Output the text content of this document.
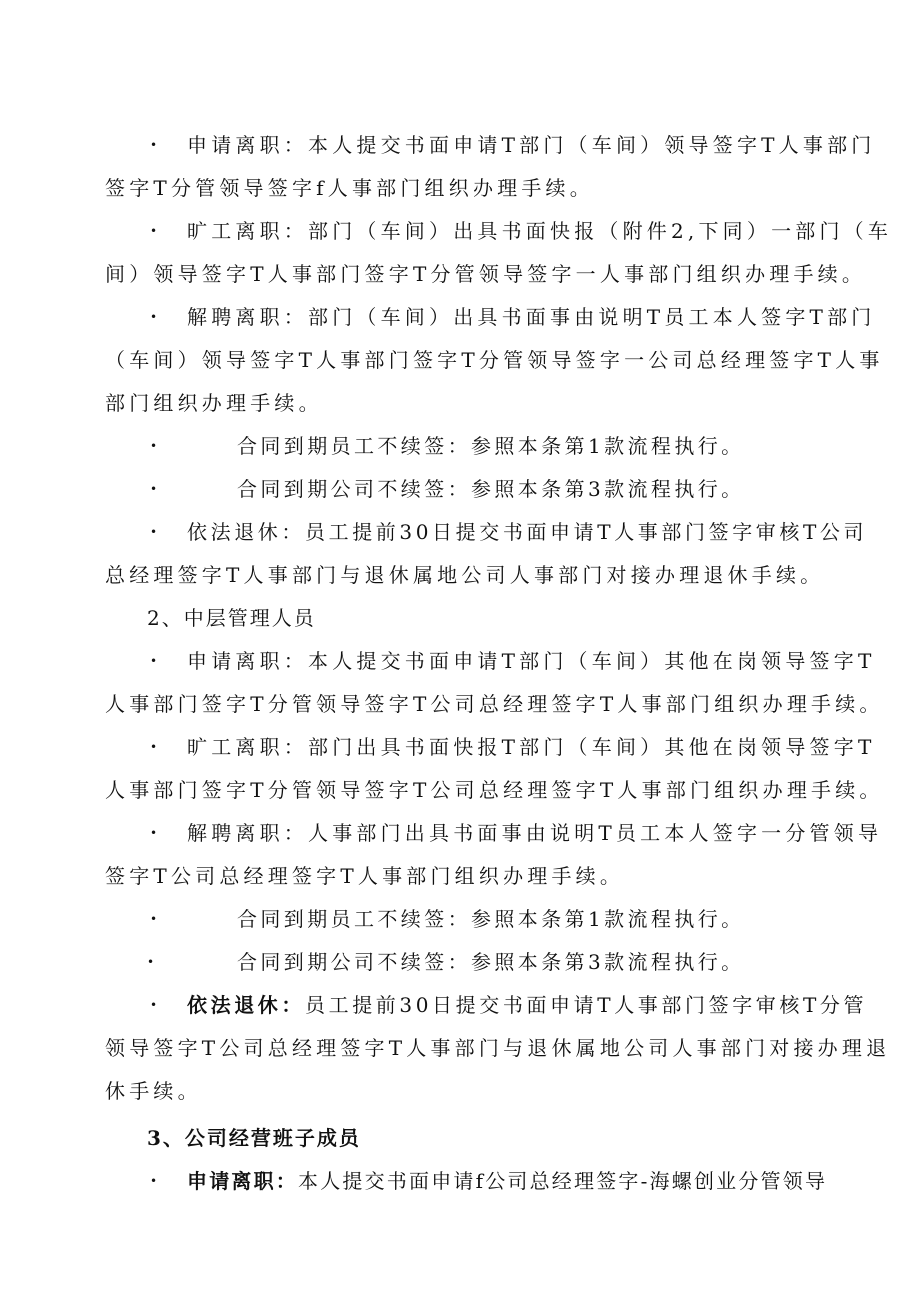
• 申请离职：本人提交书面申请T部门（车间）领导签字T人事部门
签字T分管领导签字f人事部门组织办理手续。
• 旷工离职：部门（车间）出具书面快报（附件2,下同）一部门（车
间）领导签字T人事部门签字T分管领导签字一人事部门组织办理手续。
• 解聘离职：部门（车间）出具书面事由说明T员工本人签字T部门
（车间）领导签字T人事部门签字T分管领导签字一公司总经理签字T人事
部门组织办理手续。
•	合同到期员工不续签：参照本条第1款流程执行。
•	合同到期公司不续签：参照本条第3款流程执行。
• 依法退休：员工提前30日提交书面申请T人事部门签字审核T公司
总经理签字T人事部门与退休属地公司人事部门对接办理退休手续。
2、中层管理人员
• 申请离职：本人提交书面申请T部门（车间）其他在岗领导签字T
人事部门签字T分管领导签字T公司总经理签字T人事部门组织办理手续。
• 旷工离职：部门出具书面快报T部门（车间）其他在岗领导签字T
人事部门签字T分管领导签字T公司总经理签字T人事部门组织办理手续。
• 解聘离职：人事部门出具书面事由说明T员工本人签字一分管领导
签字T公司总经理签字T人事部门组织办理手续。
•	合同到期员工不续签：参照本条第1款流程执行。
•	合同到期公司不续签：参照本条第3款流程执行。
• 依法退休：员工提前30日提交书面申请T人事部门签字审核T分管
领导签字T公司总经理签字T人事部门与退休属地公司人事部门对接办理退
休手续。
3、公司经营班子成员
• 申请离职：本人提交书面申请f公司总经理签字-海螺创业分管领导
